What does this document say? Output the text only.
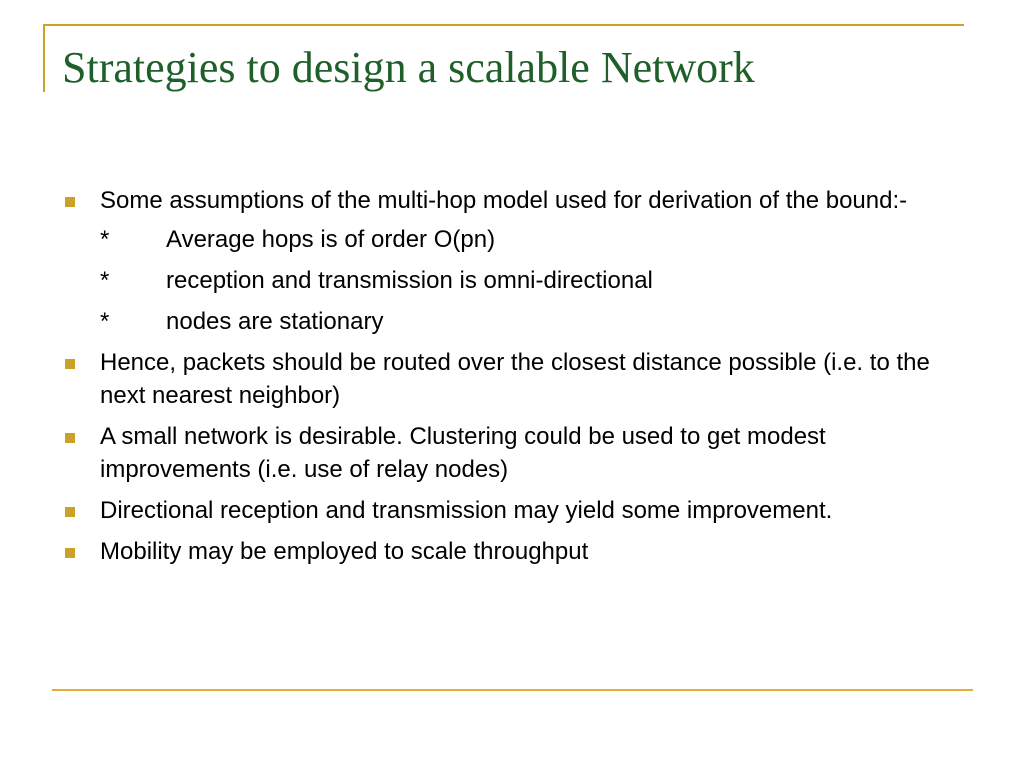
Strategies to design a scalable Network
Some assumptions of the multi-hop model used for derivation of the bound:-
*	Average hops is of order O(pn)
*	reception and transmission is omni-directional
*	nodes are stationary
Hence, packets should be routed over the closest distance possible (i.e. to the next nearest neighbor)
A small network is desirable. Clustering could be used to get modest improvements (i.e. use of relay nodes)
Directional reception and transmission may yield some improvement.
Mobility may be employed to scale throughput
